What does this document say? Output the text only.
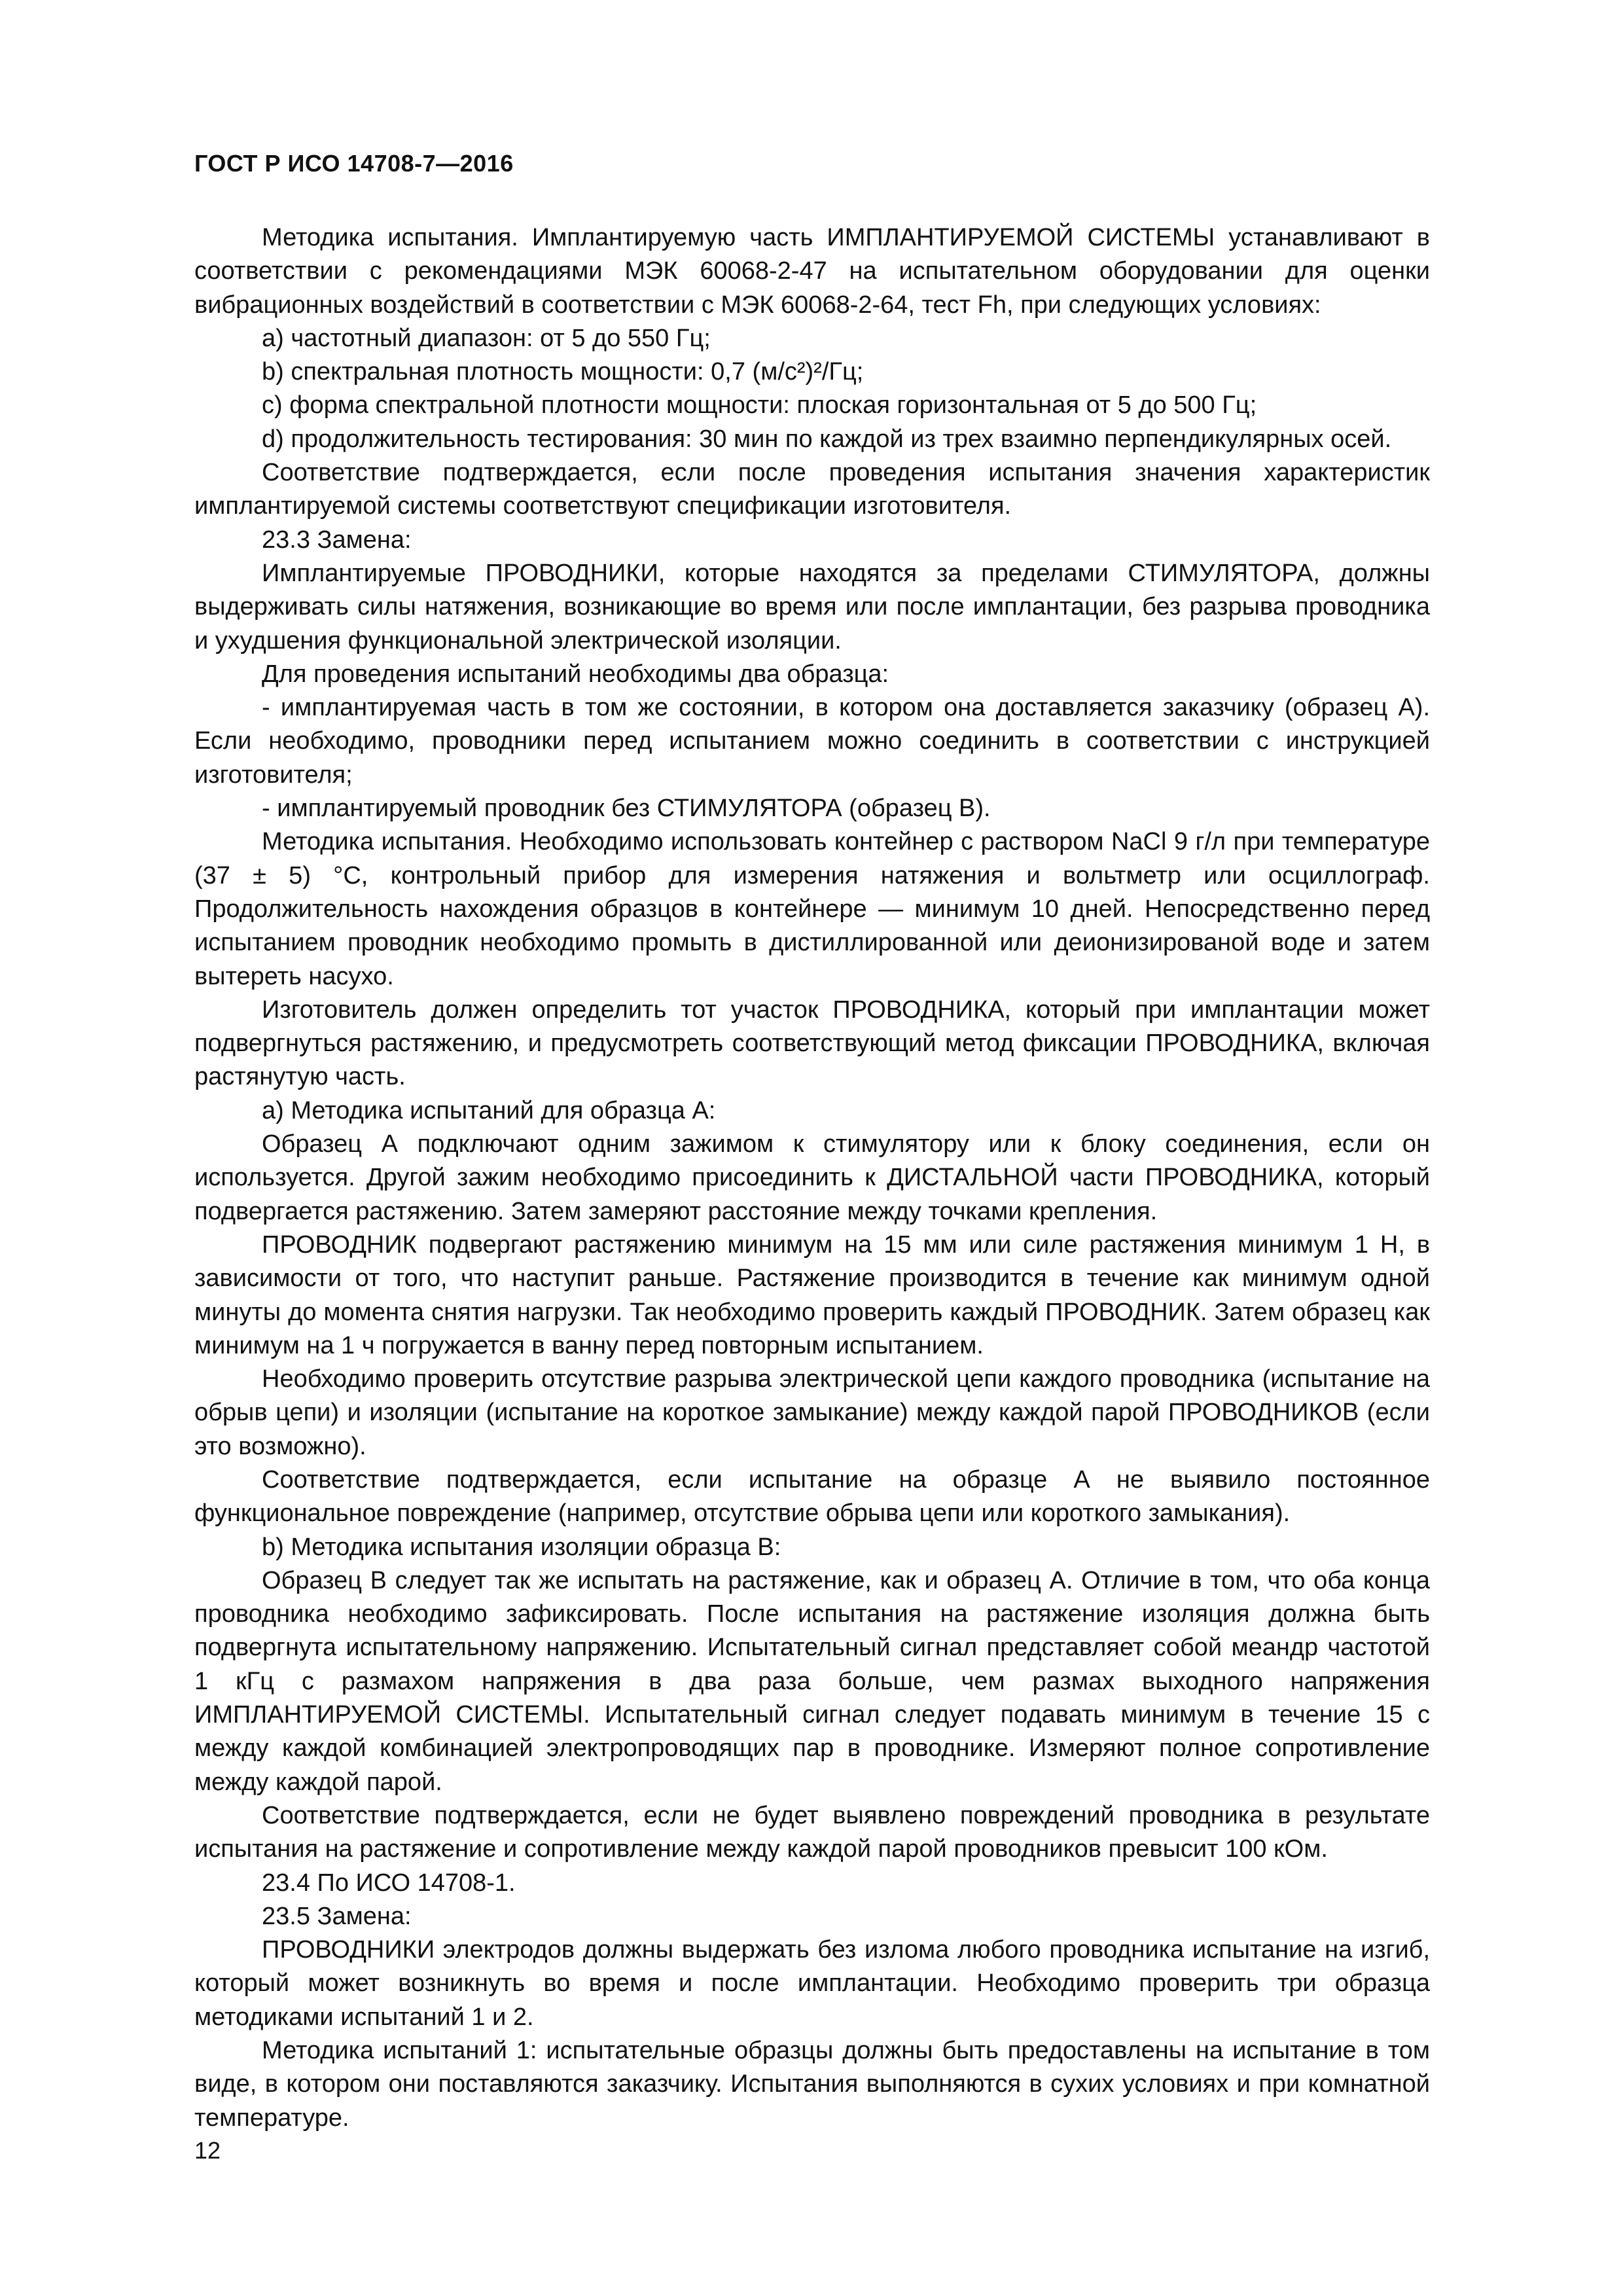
ГОСТ Р ИСО 14708-7—2016

Методика испытания. Имплантируемую часть ИМПЛАНТИРУЕМОЙ СИСТЕМЫ устанавливают в соответствии с рекомендациями МЭК 60068-2-47 на испытательном оборудовании для оценки вибрационных воздействий в соответствии с МЭК 60068-2-64, тест Fh, при следующих условиях:

a) частотный диапазон: от 5 до 550 Гц;

b) спектральная плотность мощности: 0,7 (м/с²)²/Гц;

c) форма спектральной плотности мощности: плоская горизонтальная от 5 до 500 Гц;

d) продолжительность тестирования: 30 мин по каждой из трех взаимно перпендикулярных осей.

Соответствие подтверждается, если после проведения испытания значения характеристик имплантируемой системы соответствуют спецификации изготовителя.

23.3 Замена:

Имплантируемые ПРОВОДНИКИ, которые находятся за пределами СТИМУЛЯТОРА, должны выдерживать силы натяжения, возникающие во время или после имплантации, без разрыва проводника и ухудшения функциональной электрической изоляции.

Для проведения испытаний необходимы два образца:

- имплантируемая часть в том же состоянии, в котором она доставляется заказчику (образец А). Если необходимо, проводники перед испытанием можно соединить в соответствии с инструкцией изготовителя;

- имплантируемый проводник без СТИМУЛЯТОРА (образец В).

Методика испытания. Необходимо использовать контейнер с раствором NaCl 9 г/л при температуре (37 ± 5) °С, контрольный прибор для измерения натяжения и вольтметр или осциллограф. Продолжительность нахождения образцов в контейнере — минимум 10 дней. Непосредственно перед испытанием проводник необходимо промыть в дистиллированной или деионизированой воде и затем вытереть насухо.

Изготовитель должен определить тот участок ПРОВОДНИКА, который при имплантации может подвергнуться растяжению, и предусмотреть соответствующий метод фиксации ПРОВОДНИКА, включая растянутую часть.

a) Методика испытаний для образца А:

Образец А подключают одним зажимом к стимулятору или к блоку соединения, если он используется. Другой зажим необходимо присоединить к ДИСТАЛЬНОЙ части ПРОВОДНИКА, который подвергается растяжению. Затем замеряют расстояние между точками крепления.

ПРОВОДНИК подвергают растяжению минимум на 15 мм или силе растяжения минимум 1 Н, в зависимости от того, что наступит раньше. Растяжение производится в течение как минимум одной минуты до момента снятия нагрузки. Так необходимо проверить каждый ПРОВОДНИК. Затем образец как минимум на 1 ч погружается в ванну перед повторным испытанием.

Необходимо проверить отсутствие разрыва электрической цепи каждого проводника (испытание на обрыв цепи) и изоляции (испытание на короткое замыкание) между каждой парой ПРОВОДНИКОВ (если это возможно).

Соответствие подтверждается, если испытание на образце А не выявило постоянное функциональное повреждение (например, отсутствие обрыва цепи или короткого замыкания).

b) Методика испытания изоляции образца В:

Образец В следует так же испытать на растяжение, как и образец А. Отличие в том, что оба конца проводника необходимо зафиксировать. После испытания на растяжение изоляция должна быть подвергнута испытательному напряжению. Испытательный сигнал представляет собой меандр частотой 1 кГц с размахом напряжения в два раза больше, чем размах выходного напряжения ИМПЛАНТИРУЕМОЙ СИСТЕМЫ. Испытательный сигнал следует подавать минимум в течение 15 с между каждой комбинацией электропроводящих пар в проводнике. Измеряют полное сопротивление между каждой парой.

Соответствие подтверждается, если не будет выявлено повреждений проводника в результате испытания на растяжение и сопротивление между каждой парой проводников превысит 100 кОм.

23.4 По ИСО 14708-1.

23.5 Замена:

ПРОВОДНИКИ электродов должны выдержать без излома любого проводника испытание на изгиб, который может возникнуть во время и после имплантации. Необходимо проверить три образца методиками испытаний 1 и 2.

Методика испытаний 1: испытательные образцы должны быть предоставлены на испытание в том виде, в котором они поставляются заказчику. Испытания выполняются в сухих условиях и при комнатной температуре.

12
